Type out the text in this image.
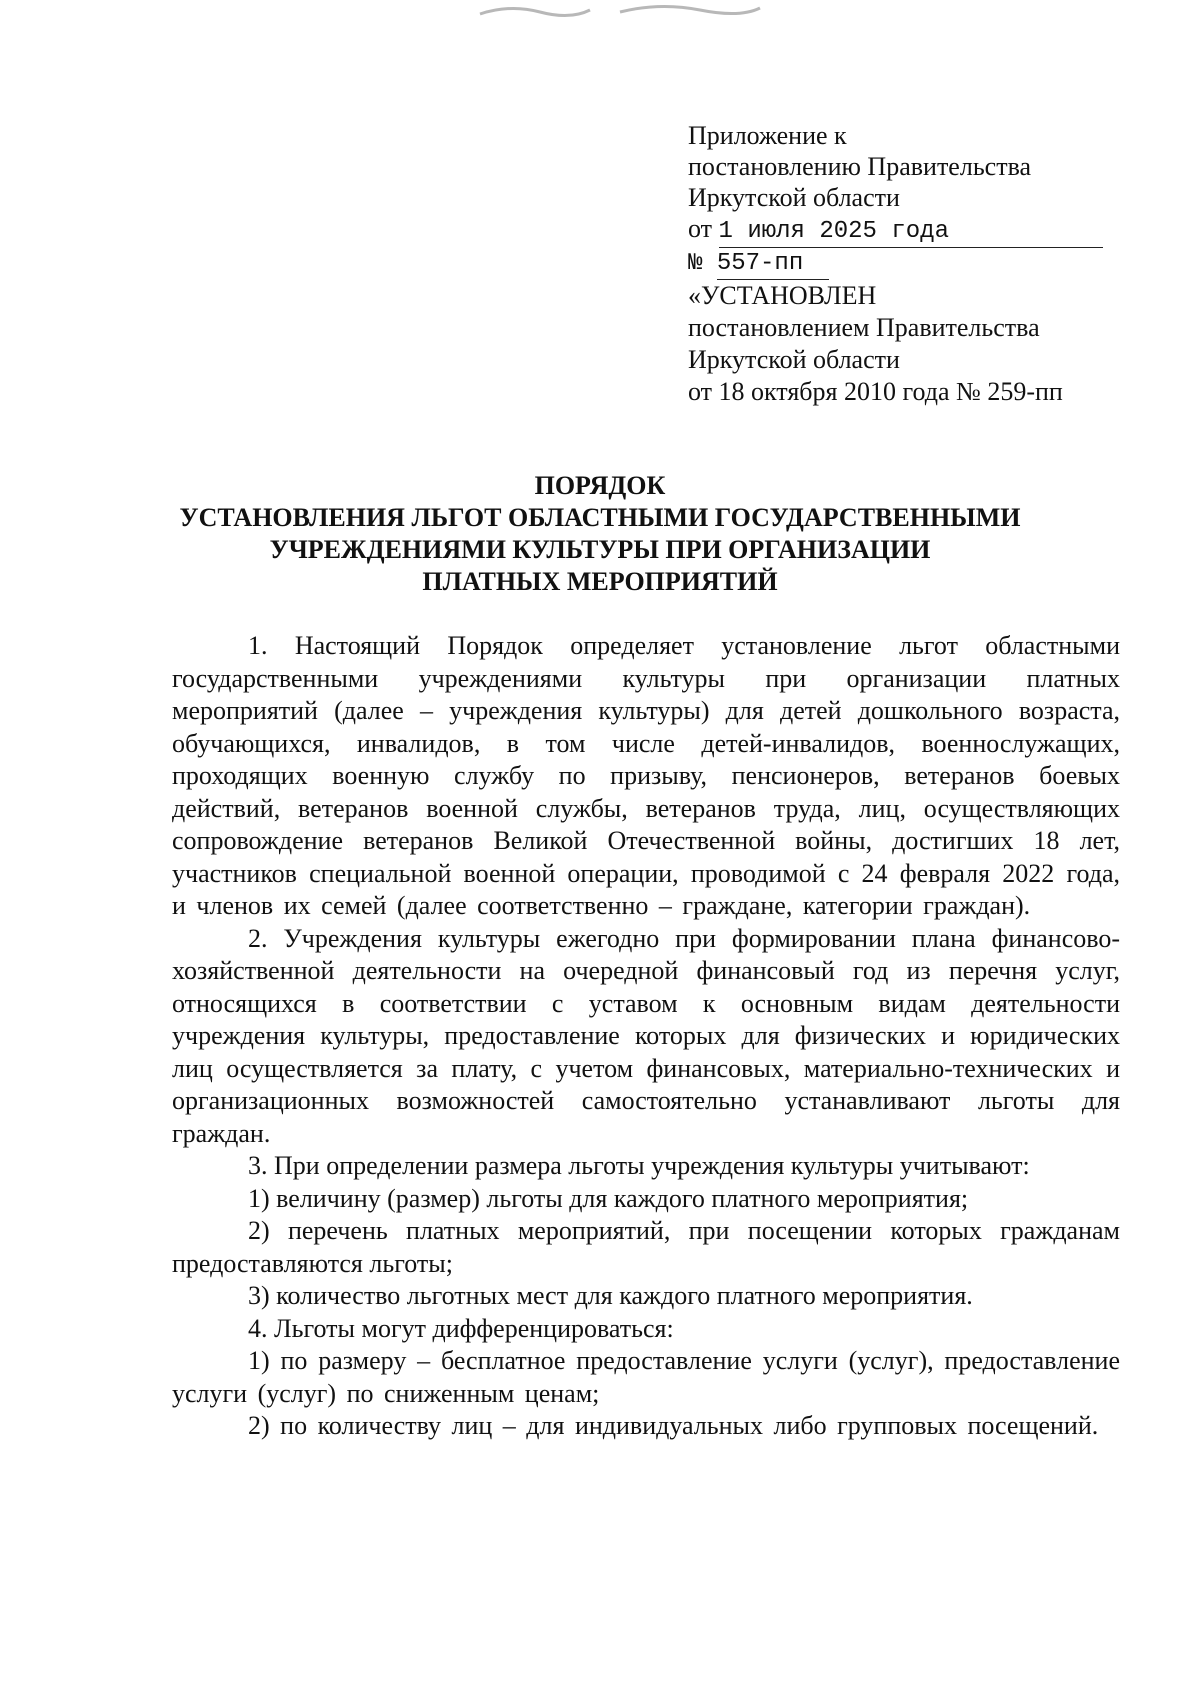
Приложение к
постановлению Правительства
Иркутской области
от 1 июля 2025 года
№ 557-пп
«УСТАНОВЛЕН
постановлением Правительства
Иркутской области
от 18 октября 2010 года № 259-пп
ПОРЯДОК
УСТАНОВЛЕНИЯ ЛЬГОТ ОБЛАСТНЫМИ ГОСУДАРСТВЕННЫМИ
УЧРЕЖДЕНИЯМИ КУЛЬТУРЫ ПРИ ОРГАНИЗАЦИИ
ПЛАТНЫХ МЕРОПРИЯТИЙ

1. Настоящий Порядок определяет установление льгот областными государственными учреждениями культуры при организации платных мероприятий (далее – учреждения культуры) для детей дошкольного возраста, обучающихся, инвалидов, в том числе детей-инвалидов, военнослужащих, проходящих военную службу по призыву, пенсионеров, ветеранов боевых действий, ветеранов военной службы, ветеранов труда, лиц, осуществляющих сопровождение ветеранов Великой Отечественной войны, достигших 18 лет, участников специальной военной операции, проводимой с 24 февраля 2022 года, и членов их семей (далее соответственно – граждане, категории граждан).

2. Учреждения культуры ежегодно при формировании плана финансово-хозяйственной деятельности на очередной финансовый год из перечня услуг, относящихся в соответствии с уставом к основным видам деятельности учреждения культуры, предоставление которых для физических и юридических лиц осуществляется за плату, с учетом финансовых, материально-технических и организационных возможностей самостоятельно устанавливают льготы для граждан.

3. При определении размера льготы учреждения культуры учитывают:

1) величину (размер) льготы для каждого платного мероприятия;

2) перечень платных мероприятий, при посещении которых гражданам предоставляются льготы;

3) количество льготных мест для каждого платного мероприятия.

4. Льготы могут дифференцироваться:

1) по размеру – бесплатное предоставление услуги (услуг), предоставление услуги (услуг) по сниженным ценам;

2) по количеству лиц – для индивидуальных либо групповых посещений.
